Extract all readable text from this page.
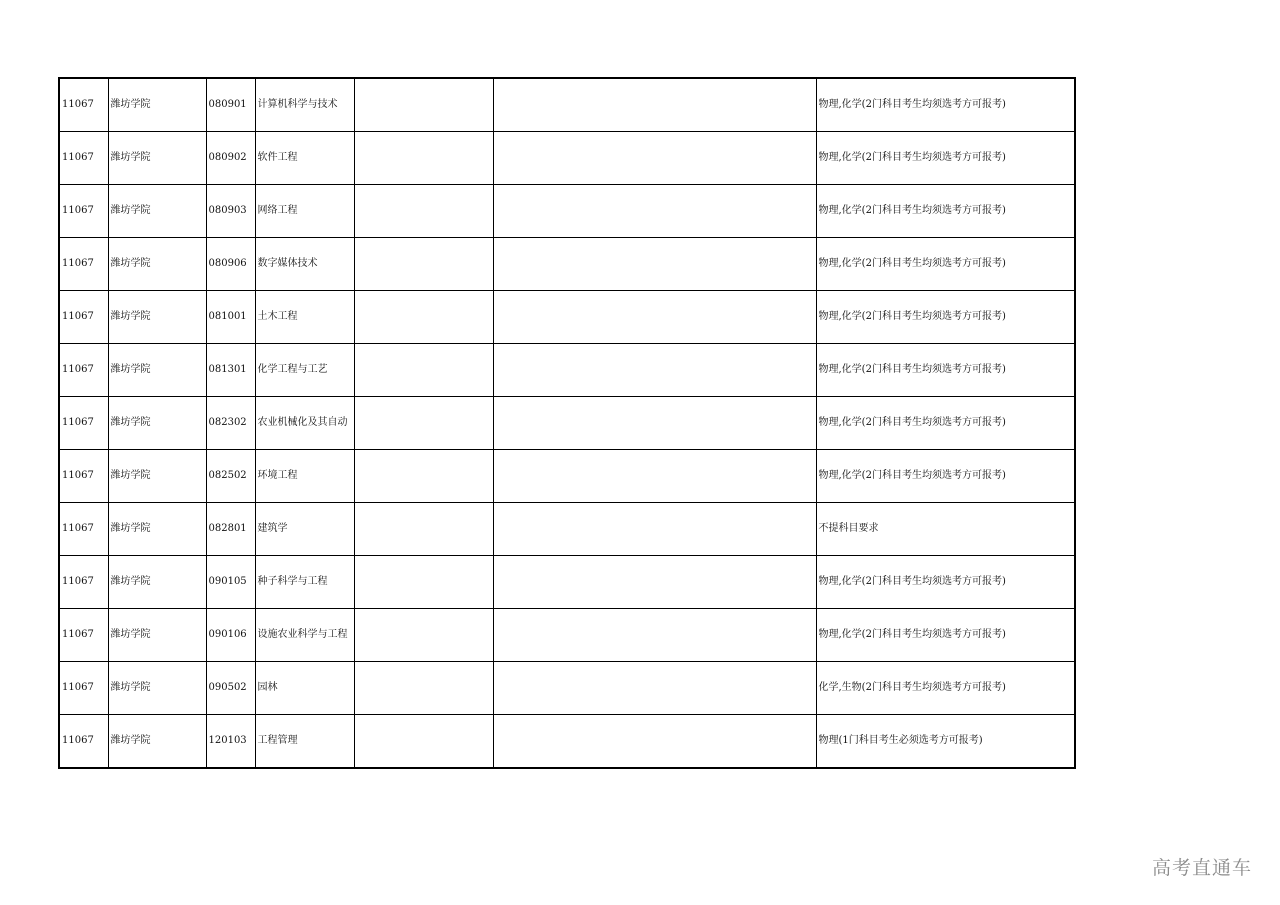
11067	潍坊学院	080901	计算机科学与技术			物理,化学(2门科目考生均须选考方可报考)
11067	潍坊学院	080902	软件工程			物理,化学(2门科目考生均须选考方可报考)
11067	潍坊学院	080903	网络工程			物理,化学(2门科目考生均须选考方可报考)
11067	潍坊学院	080906	数字媒体技术			物理,化学(2门科目考生均须选考方可报考)
11067	潍坊学院	081001	土木工程			物理,化学(2门科目考生均须选考方可报考)
11067	潍坊学院	081301	化学工程与工艺			物理,化学(2门科目考生均须选考方可报考)
11067	潍坊学院	082302	农业机械化及其自动			物理,化学(2门科目考生均须选考方可报考)
11067	潍坊学院	082502	环境工程			物理,化学(2门科目考生均须选考方可报考)
11067	潍坊学院	082801	建筑学			不提科目要求
11067	潍坊学院	090105	种子科学与工程			物理,化学(2门科目考生均须选考方可报考)
11067	潍坊学院	090106	设施农业科学与工程			物理,化学(2门科目考生均须选考方可报考)
11067	潍坊学院	090502	园林			化学,生物(2门科目考生均须选考方可报考)
11067	潍坊学院	120103	工程管理			物理(1门科目考生必须选考方可报考)
高考直通车
